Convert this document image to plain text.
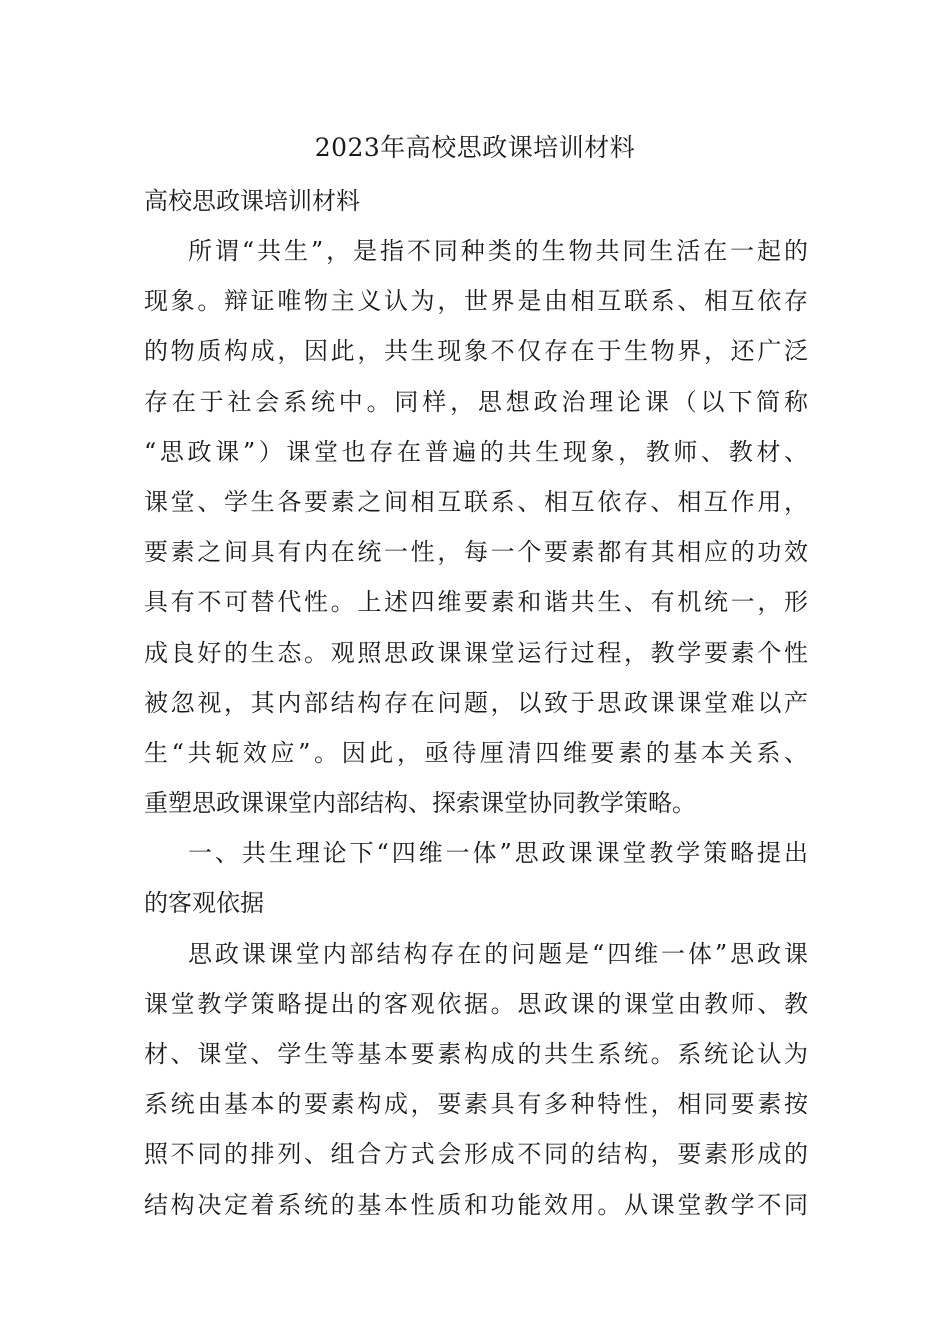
2023年高校思政课培训材料
高校思政课培训材料
所谓“共生”，是指不同种类的生物共同生活在一起的
现象。辩证唯物主义认为，世界是由相互联系、相互依存
的物质构成，因此，共生现象不仅存在于生物界，还广泛
存在于社会系统中。同样，思想政治理论课（以下简称
“思政课”）课堂也存在普遍的共生现象，教师、教材、
课堂、学生各要素之间相互联系、相互依存、相互作用，
要素之间具有内在统一性，每一个要素都有其相应的功效
具有不可替代性。上述四维要素和谐共生、有机统一，形
成良好的生态。观照思政课课堂运行过程，教学要素个性
被忽视，其内部结构存在问题，以致于思政课课堂难以产
生“共轭效应”。因此，亟待厘清四维要素的基本关系、
重塑思政课课堂内部结构、探索课堂协同教学策略。
一、共生理论下“四维一体”思政课课堂教学策略提出
的客观依据
思政课课堂内部结构存在的问题是“四维一体”思政课
课堂教学策略提出的客观依据。思政课的课堂由教师、教
材、课堂、学生等基本要素构成的共生系统。系统论认为
系统由基本的要素构成，要素具有多种特性，相同要素按
照不同的排列、组合方式会形成不同的结构，要素形成的
结构决定着系统的基本性质和功能效用。从课堂教学不同
